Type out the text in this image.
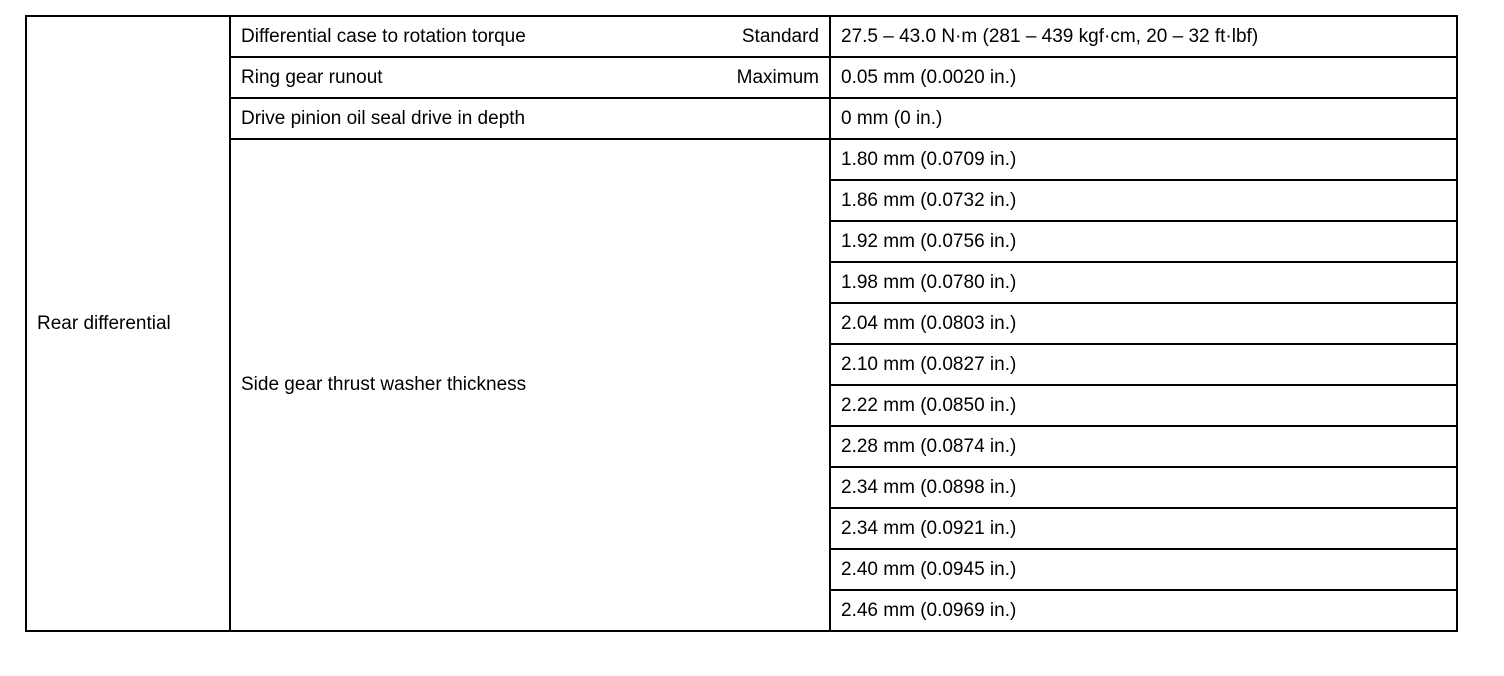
Rear differential	Differential case to rotation torque	Standard	27.5 – 43.0 N·m (281 – 439 kgf·cm, 20 – 32 ft·lbf)
	Ring gear runout	Maximum	0.05 mm (0.0020 in.)
	Drive pinion oil seal drive in depth		0 mm (0 in.)
	Side gear thrust washer thickness		1.80 mm (0.0709 in.)
			1.86 mm (0.0732 in.)
			1.92 mm (0.0756 in.)
			1.98 mm (0.0780 in.)
			2.04 mm (0.0803 in.)
			2.10 mm (0.0827 in.)
			2.22 mm (0.0850 in.)
			2.28 mm (0.0874 in.)
			2.34 mm (0.0898 in.)
			2.34 mm (0.0921 in.)
			2.40 mm (0.0945 in.)
			2.46 mm (0.0969 in.)
